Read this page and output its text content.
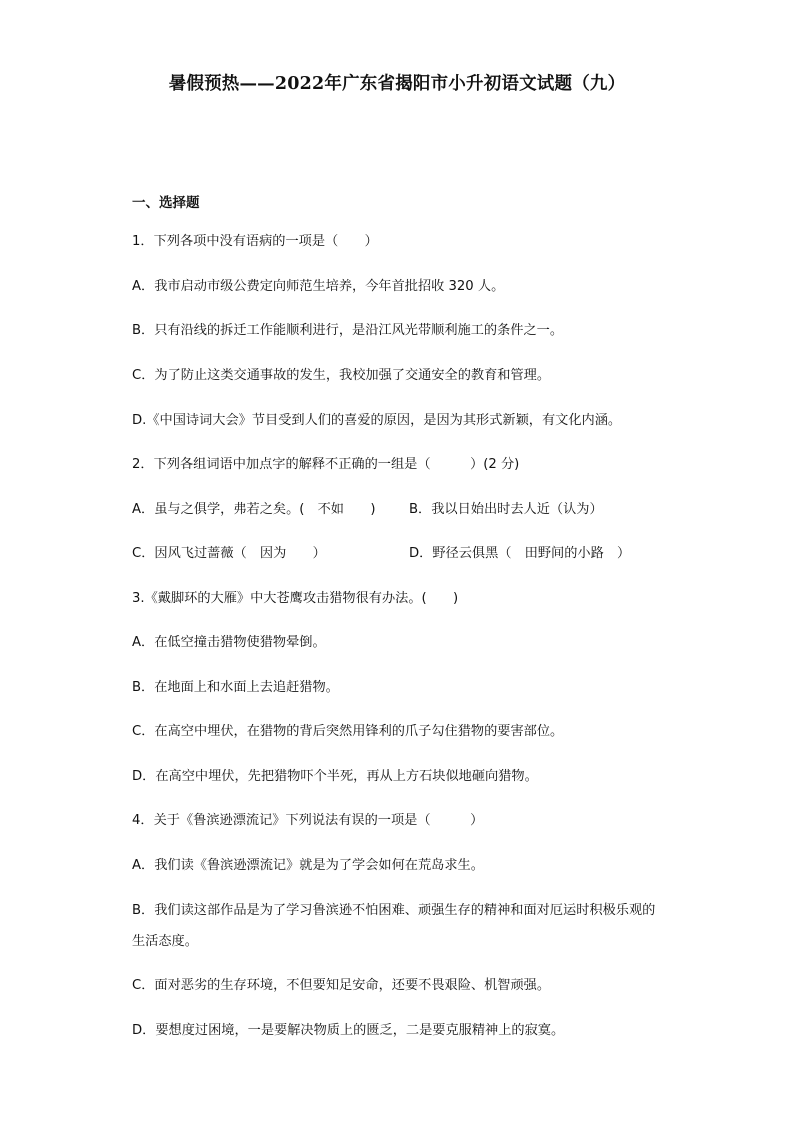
暑假预热——2022年广东省揭阳市小升初语文试题（九）
一、选择题
1．下列各项中没有语病的一项是（　　）
A．我市启动市级公费定向师范生培养，今年首批招收 320 人。
B．只有沿线的拆迁工作能顺利进行，是沿江风光带顺利施工的条件之一。
C．为了防止这类交通事故的发生，我校加强了交通安全的教育和管理。
D.《中国诗词大会》节目受到人们的喜爱的原因，是因为其形式新颖，有文化内涵。
2．下列各组词语中加点字的解释不正确的一组是（　　　）(2 分)
A．虽与之俱学，弗若之矣。(　不如　　)	B．我以日始出时去人近（认为）
C．因风飞过蔷薇（　因为　　）	D．野径云俱黑（　田野间的小路　）
3.《戴脚环的大雁》中大苍鹰攻击猎物很有办法。(　　)
A．在低空撞击猎物使猎物晕倒。
B．在地面上和水面上去追赶猎物。
C．在高空中埋伏，在猎物的背后突然用锋利的爪子勾住猎物的要害部位。
D．在高空中埋伏，先把猎物吓个半死，再从上方石块似地砸向猎物。
4．关于《鲁滨逊漂流记》下列说法有误的一项是（　　　）
A．我们读《鲁滨逊漂流记》就是为了学会如何在荒岛求生。
B．我们读这部作品是为了学习鲁滨逊不怕困难、顽强生存的精神和面对厄运时积极乐观的生活态度。
C．面对恶劣的生存环境，不但要知足安命，还要不畏艰险、机智顽强。
D．要想度过困境，一是要解决物质上的匮乏，二是要克服精神上的寂寞。
